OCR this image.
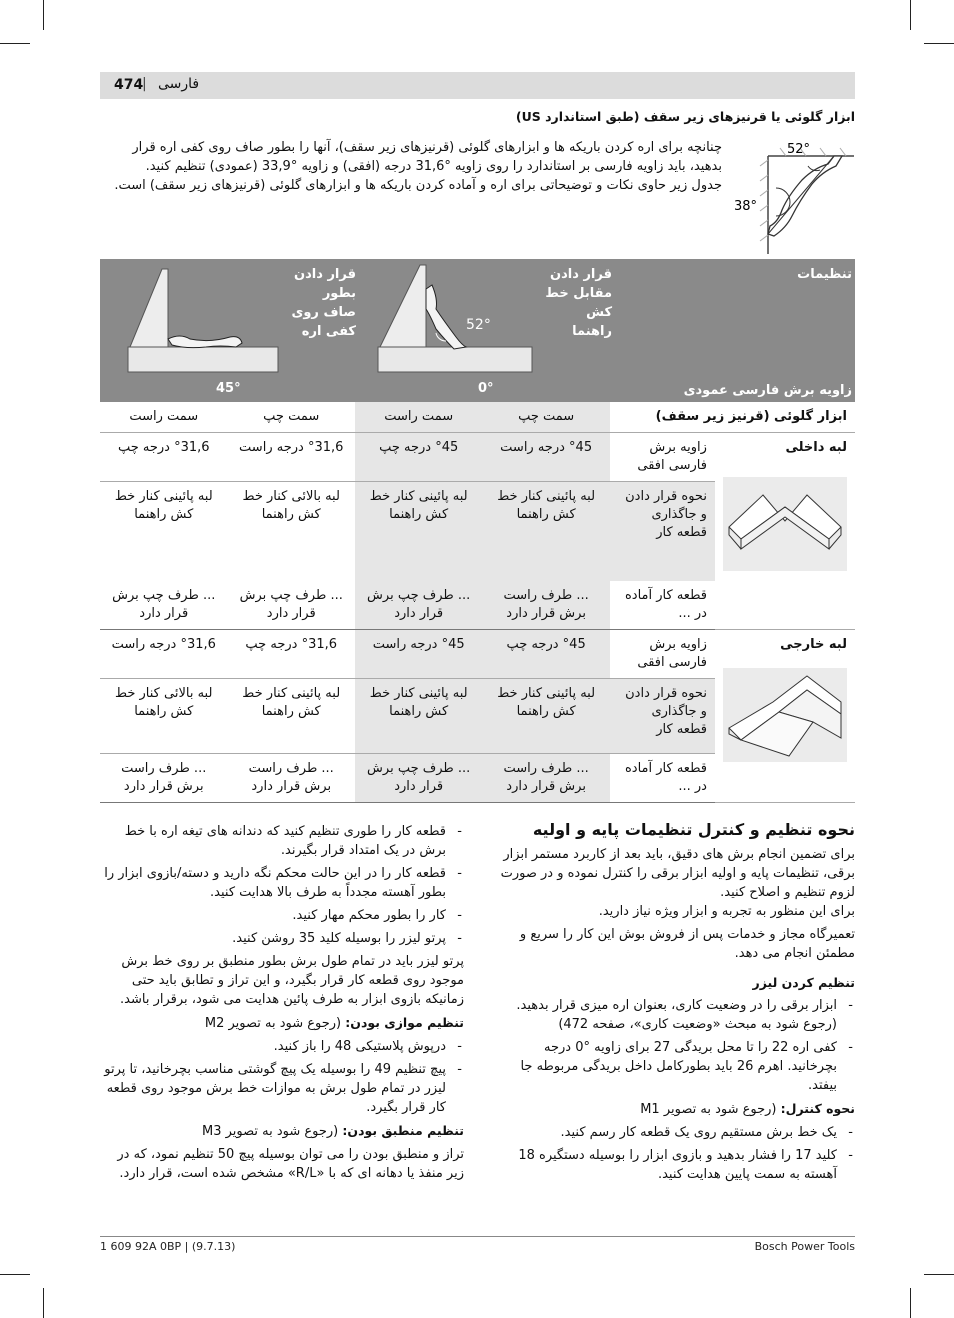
474
| فارسی
ابزار گلوئی یا قرنیزهای زیر سقف (طبق استاندارد US)
چنانچه برای اره کردن باریکه ها و ابزارهای گلوئی (قرنیزهای زیر سقف)، آنها را بطور صاف روی کفی اره قرار بدهید، باید زاویه فارسی بر استاندارد را روی زاویه °31,6 درجه (افقی) و زاویه °33,9 (عمودی) تنظیم کنید.
جدول زیر حاوی نکات و توضیحاتی برای اره و آماده کردن باریکه ها و ابزارهای گلوئی (قرنیزهای زیر سقف) است.
52°
38°
تنظیمات
قرار دادن مقابل خط کش راهنما
قرار دادن بطور صاف روی کفی اره
زاویه برش فارسی عمودی
45°	0°
52°
سمت راست	سمت چپ	سمت راست	سمت چپ	ابزار گلوئی (قرنیز زیر سقف)	
°31,6 درجه چپ	°31,6 درجه راست	°45 درجه چپ	°45 درجه راست	زاویه برش فارسی افقی	لبه داخلی

لبه پائینی کنار خط کش راهنما	لبه بالائی کنار خط کش راهنما	لبه پائینی کنار خط کش راهنما	لبه پائینی کنار خط کش راهنما	نحوه قرار دادن و جاگذاری قطعه کار	
... طرف چپ برش قرار دارد	... طرف چپ برش قرار دارد	... طرف چپ برش قرار دارد	... طرف راست برش قرار دارد	قطعه کار آماده در ...	
°31,6 درجه راست	°31,6 درجه چپ	°45 درجه راست	°45 درجه چپ	زاویه برش فارسی افقی	لبه خارجی

لبه بالائی کنار خط کش راهنما	لبه پائینی کنار خط کش راهنما	لبه پائینی کنار خط کش راهنما	لبه پائینی کنار خط کش راهنما	نحوه قرار دادن و جاگذاری قطعه کار	
... طرف راست برش قرار دارد	... طرف راست برش قرار دارد	... طرف چپ برش قرار دارد	... طرف راست برش قرار دارد	قطعه کار آماده در ...	
نحوه تنظیم و کنترل تنظیمات پایه و اولیه
برای تضمین انجام برش های دقیق، باید بعد از کاربرد مستمر ابزار برقی، تنظیمات پایه و اولیه ابزار برقی را کنترل نموده و در صورت لزوم تنظیم و اصلاح کنید.
برای این منظور به تجربه و ابزار ویژه نیاز دارید.
تعمیرگاه مجاز و خدمات پس از فروش بوش این کار را سریع و مطمئن انجام می دهد.
تنظیم کردن لیزر
- ابزار برقی را در وضعیت کاری، بعنوان اره میزی قرار بدهید. (رجوع شود به مبحث «وضعیت کاری»، صفحه 472)
- کفی اره 22 را تا محل بریدگی 27 برای زاویه °0 درجه بچرخانید. اهرم 26 باید بطورکامل داخل بریدگی مربوطه جا بیفتد.
نحوه کنترل: (رجوع شود به تصویر M1
- یک خط برش مستقیم روی یک قطعه کار رسم کنید.
- کلید 17 را فشار بدهید و بازوی ابزار را بوسیله دستگیره 18 آهسته به سمت پایین هدایت کنید.
- قطعه کار را طوری تنظیم کنید که دندانه های تیغه اره با خط برش در یک امتداد قرار بگیرند.
- قطعه کار را در این حالت محکم نگه دارید و دسته/بازوی ابزار را بطور آهسته مجدداً به طرف بالا هدایت کنید.
- کار را بطور محکم مهار کنید.
- پرتو لیزر را بوسیله کلید 35 روشن کنید.
پرتو لیزر باید در تمام طول برش بطور منطبق بر روی خط برش موجود روی قطعه کار قرار بگیرد، و این تراز و تطابق باید حتی زمانیکه بازوی ابزار به طرف پائین هدایت می شود، برقرار باشد.
تنظیم موازی بودن: (رجوع شود به تصویر M2
- درپوش پلاستیکی 48 را باز کنید.
- پیچ تنظیم 49 را بوسیله یک پیچ گوشتی مناسب بچرخانید، تا پرتو لیزر در تمام طول برش به موازات خط برش موجود روی قطعه کار قرار بگیرد.
تنظیم منطبق بودن: (رجوع شود به تصویر M3
تراز و منطبق بودن را می توان بوسیله پیچ 50 تنظیم نمود، که در زیر منفذ یا دهانه ای که با «R/L» مشخص شده است، قرار دارد.
1 609 92A 0BP | (9.7.13)	Bosch Power Tools
